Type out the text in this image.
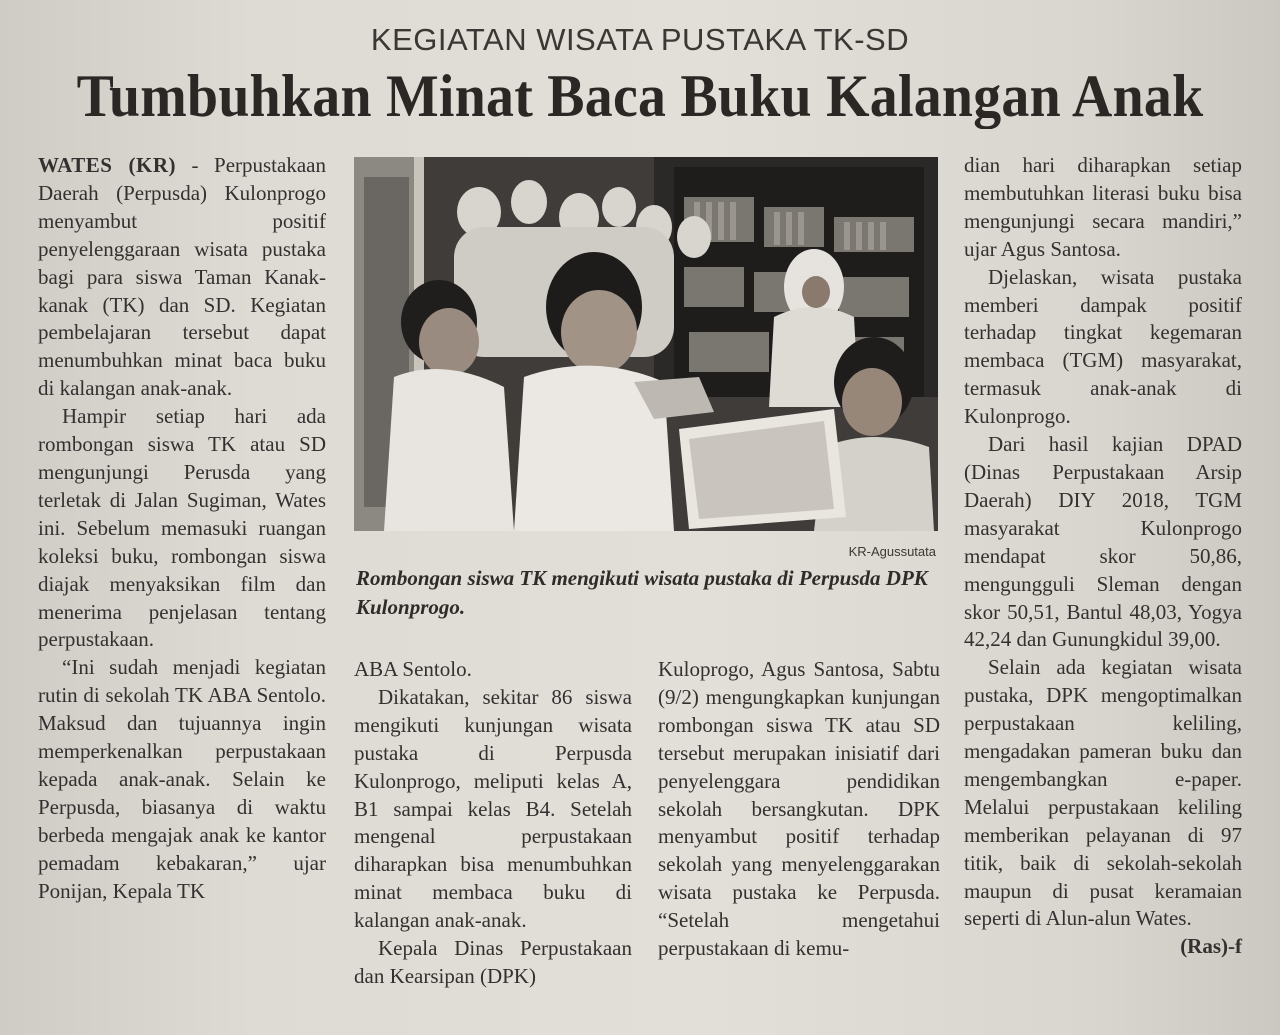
KEGIATAN WISATA PUSTAKA TK-SD
Tumbuhkan Minat Baca Buku Kalangan Anak

WATES (KR) - Perpustakaan Daerah (Perpusda) Kulonprogo menyambut positif penyelenggaraan wisata pustaka bagi para siswa Taman Kanak-kanak (TK) dan SD. Kegiatan pembelajaran tersebut dapat menumbuhkan minat baca buku di kalangan anak-anak.

Hampir setiap hari ada rombongan siswa TK atau SD mengunjungi Perusda yang terletak di Jalan Sugiman, Wates ini. Sebelum memasuki ruangan koleksi buku, rombongan siswa diajak menyaksikan film dan menerima penjelasan tentang perpustakaan.

“Ini sudah menjadi kegiatan rutin di sekolah TK ABA Sentolo. Maksud dan tujuannya ingin memperkenalkan perpustakaan kepada anak-anak. Selain ke Perpusda, biasanya di waktu berbeda mengajak anak ke kantor pemadam kebakaran,” ujar Ponijan, Kepala TK

KR-Agussutata
Rombongan siswa TK mengikuti wisata pustaka di Perpusda DPK Kulonprogo.

ABA Sentolo.

Dikatakan, sekitar 86 siswa mengikuti kunjungan wisata pustaka di Perpusda Kulonprogo, meliputi kelas A, B1 sampai kelas B4. Setelah mengenal perpustakaan diharapkan bisa menumbuhkan minat membaca buku di kalangan anak-anak.

Kepala Dinas Perpustakaan dan Kearsipan (DPK)

Kuloprogo, Agus Santosa, Sabtu (9/2) mengungkapkan kunjungan rombongan siswa TK atau SD tersebut merupakan inisiatif dari penyelenggara pendidikan sekolah bersangkutan. DPK menyambut positif terhadap sekolah yang menyelenggarakan wisata pustaka ke Perpusda. “Setelah mengetahui perpustakaan di kemu-

dian hari diharapkan setiap membutuhkan literasi buku bisa mengunjungi secara mandiri,” ujar Agus Santosa.

Djelaskan, wisata pustaka memberi dampak positif terhadap tingkat kegemaran membaca (TGM) masyarakat, termasuk anak-anak di Kulonprogo.

Dari hasil kajian DPAD (Dinas Perpustakaan Arsip Daerah) DIY 2018, TGM masyarakat Kulonprogo mendapat skor 50,86, mengungguli Sleman dengan skor 50,51, Bantul 48,03, Yogya 42,24 dan Gunungkidul 39,00.

Selain ada kegiatan wisata pustaka, DPK mengoptimalkan perpustakaan keliling, mengadakan pameran buku dan mengembangkan e-paper. Melalui perpustakaan keliling memberikan pelayanan di 97 titik, baik di sekolah-sekolah maupun di pusat keramaian seperti di Alun-alun Wates.
(Ras)-f
